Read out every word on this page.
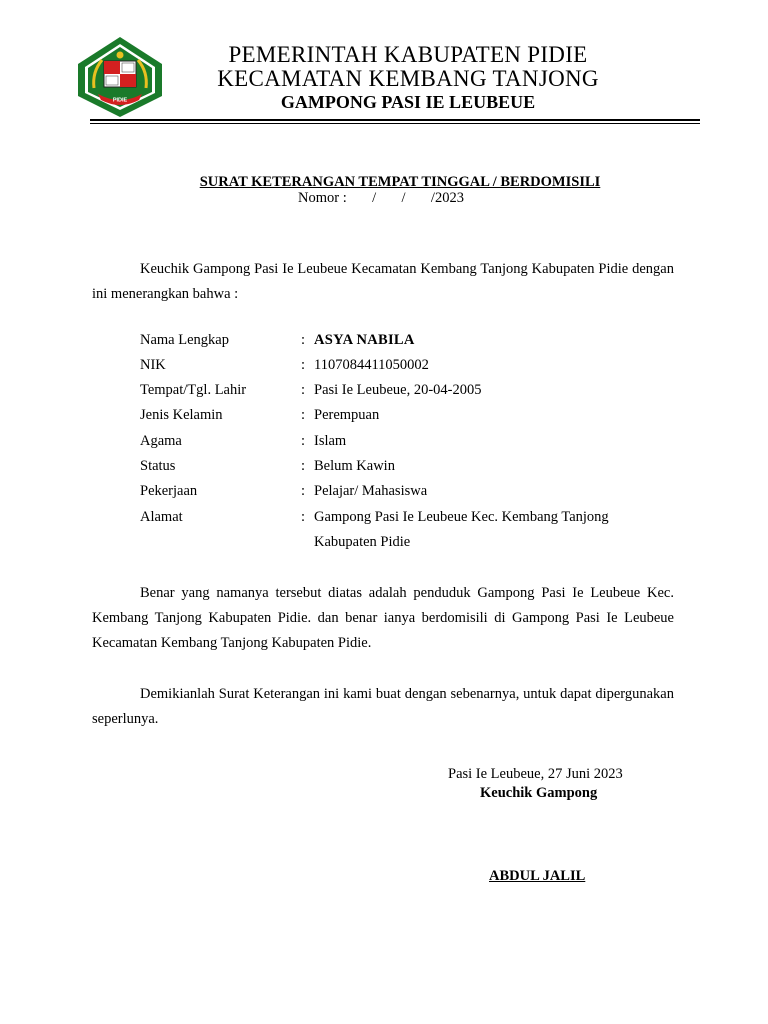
PIDIE
PEMERINTAH KABUPATEN PIDIE
KECAMATAN KEMBANG TANJONG
GAMPONG PASI IE LEUBEUE
SURAT KETERANGAN TEMPAT TINGGAL / BERDOMISILI
Nomor :       /       /       /2023
Keuchik Gampong Pasi Ie Leubeue Kecamatan Kembang Tanjong Kabupaten Pidie dengan ini menerangkan bahwa :
Nama Lengkap	: ASYA NABILA
NIK	: 1107084411050002
Tempat/Tgl. Lahir	: Pasi Ie Leubeue, 20-04-2005
Jenis Kelamin	: Perempuan
Agama	: Islam
Status	: Belum Kawin
Pekerjaan	: Pelajar/ Mahasiswa
Alamat	: Gampong Pasi Ie Leubeue Kec. Kembang Tanjong
Kabupaten Pidie
Benar yang namanya tersebut diatas adalah penduduk Gampong Pasi Ie Leubeue Kec. Kembang Tanjong Kabupaten Pidie. dan benar ianya berdomisili di Gampong Pasi Ie Leubeue Kecamatan Kembang Tanjong Kabupaten Pidie.
Demikianlah Surat Keterangan ini kami buat dengan sebenarnya, untuk dapat dipergunakan seperlunya.
Pasi Ie Leubeue, 27 Juni 2023
Keuchik Gampong
ABDUL JALIL
